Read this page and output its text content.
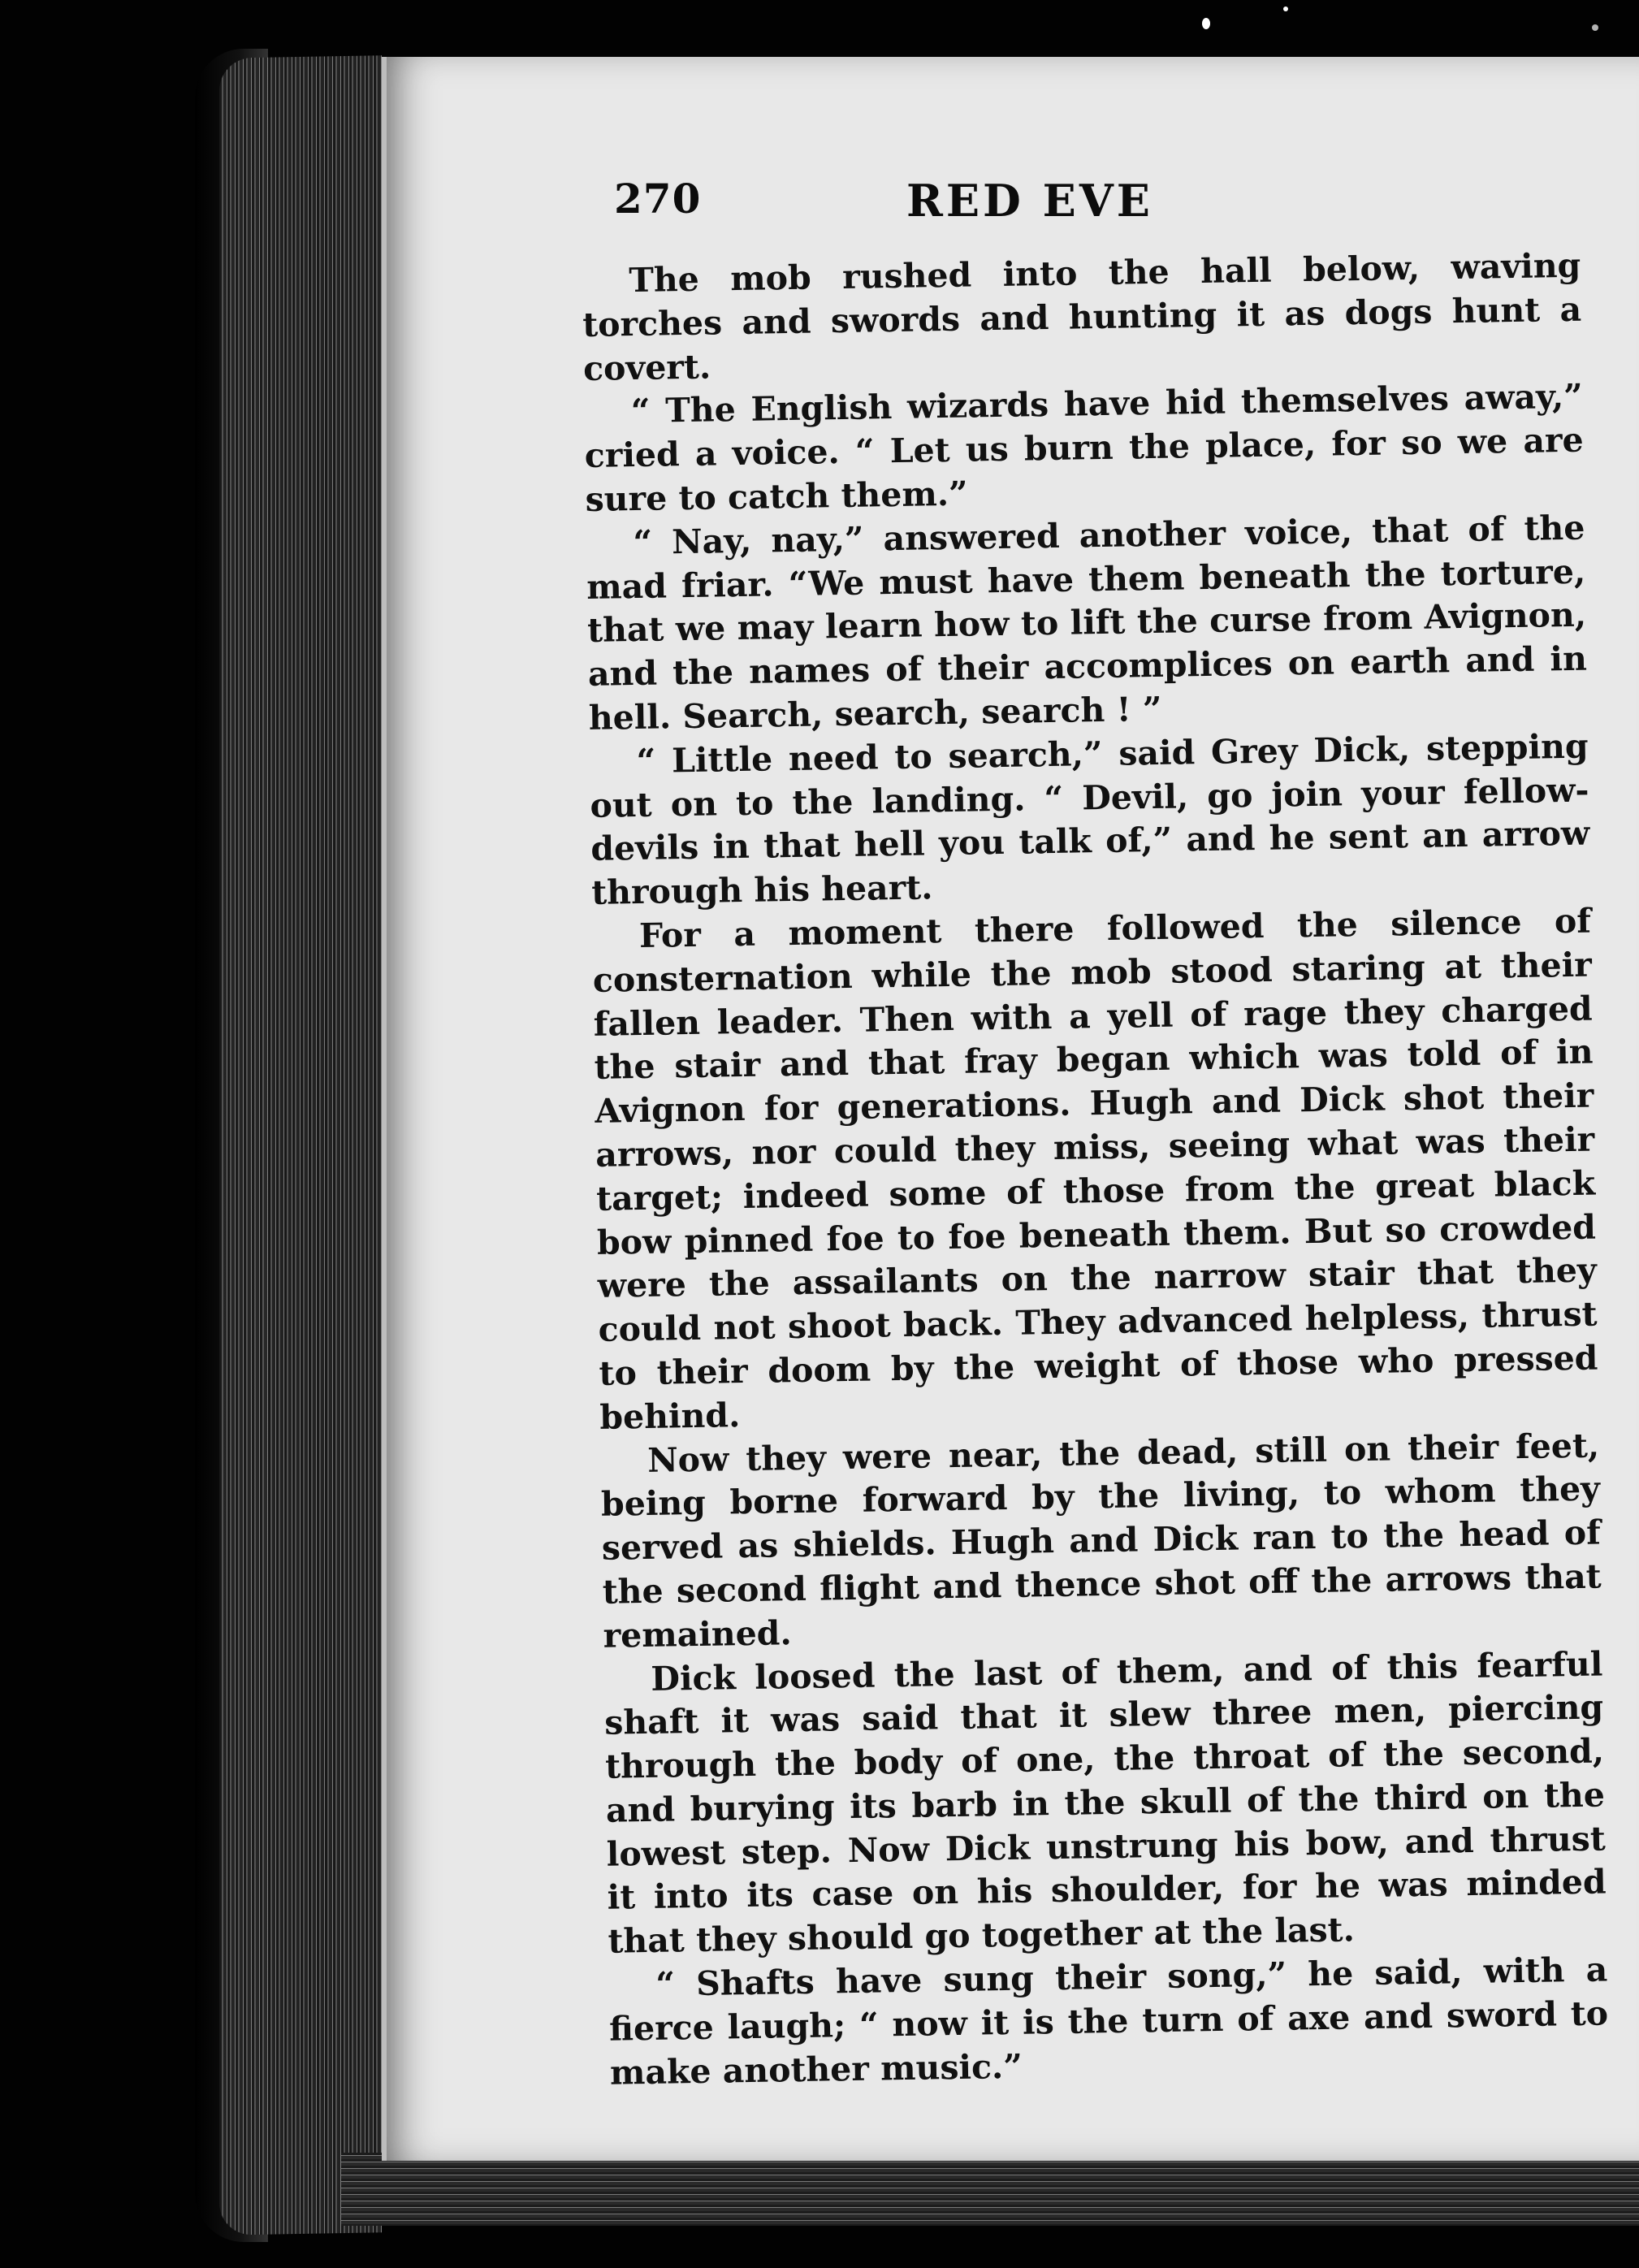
270	RED EVE

The mob rushed into the hall below, waving torches and swords and hunting it as dogs hunt a covert.

“ The English wizards have hid themselves away,” cried a voice. “ Let us burn the place, for so we are sure to catch them.”

“ Nay, nay,” answered another voice, that of the mad friar. “We must have them beneath the torture, that we may learn how to lift the curse from Avignon, and the names of their accomplices on earth and in hell. Search, search, search ! ”

“ Little need to search,” said Grey Dick, stepping out on to the landing. “ Devil, go join your fellow-devils in that hell you talk of,” and he sent an arrow through his heart.

For a moment there followed the silence of consternation while the mob stood staring at their fallen leader. Then with a yell of rage they charged the stair and that fray began which was told of in Avignon for generations. Hugh and Dick shot their arrows, nor could they miss, seeing what was their target; indeed some of those from the great black bow pinned foe to foe beneath them. But so crowded were the assailants on the narrow stair that they could not shoot back. They advanced helpless, thrust to their doom by the weight of those who pressed behind.

Now they were near, the dead, still on their feet, being borne forward by the living, to whom they served as shields. Hugh and Dick ran to the head of the second flight and thence shot off the arrows that remained.

Dick loosed the last of them, and of this fearful shaft it was said that it slew three men, piercing through the body of one, the throat of the second, and burying its barb in the skull of the third on the lowest step. Now Dick unstrung his bow, and thrust it into its case on his shoulder, for he was minded that they should go together at the last.

“ Shafts have sung their song,” he said, with a fierce laugh; “ now it is the turn of axe and sword to make another music.”
